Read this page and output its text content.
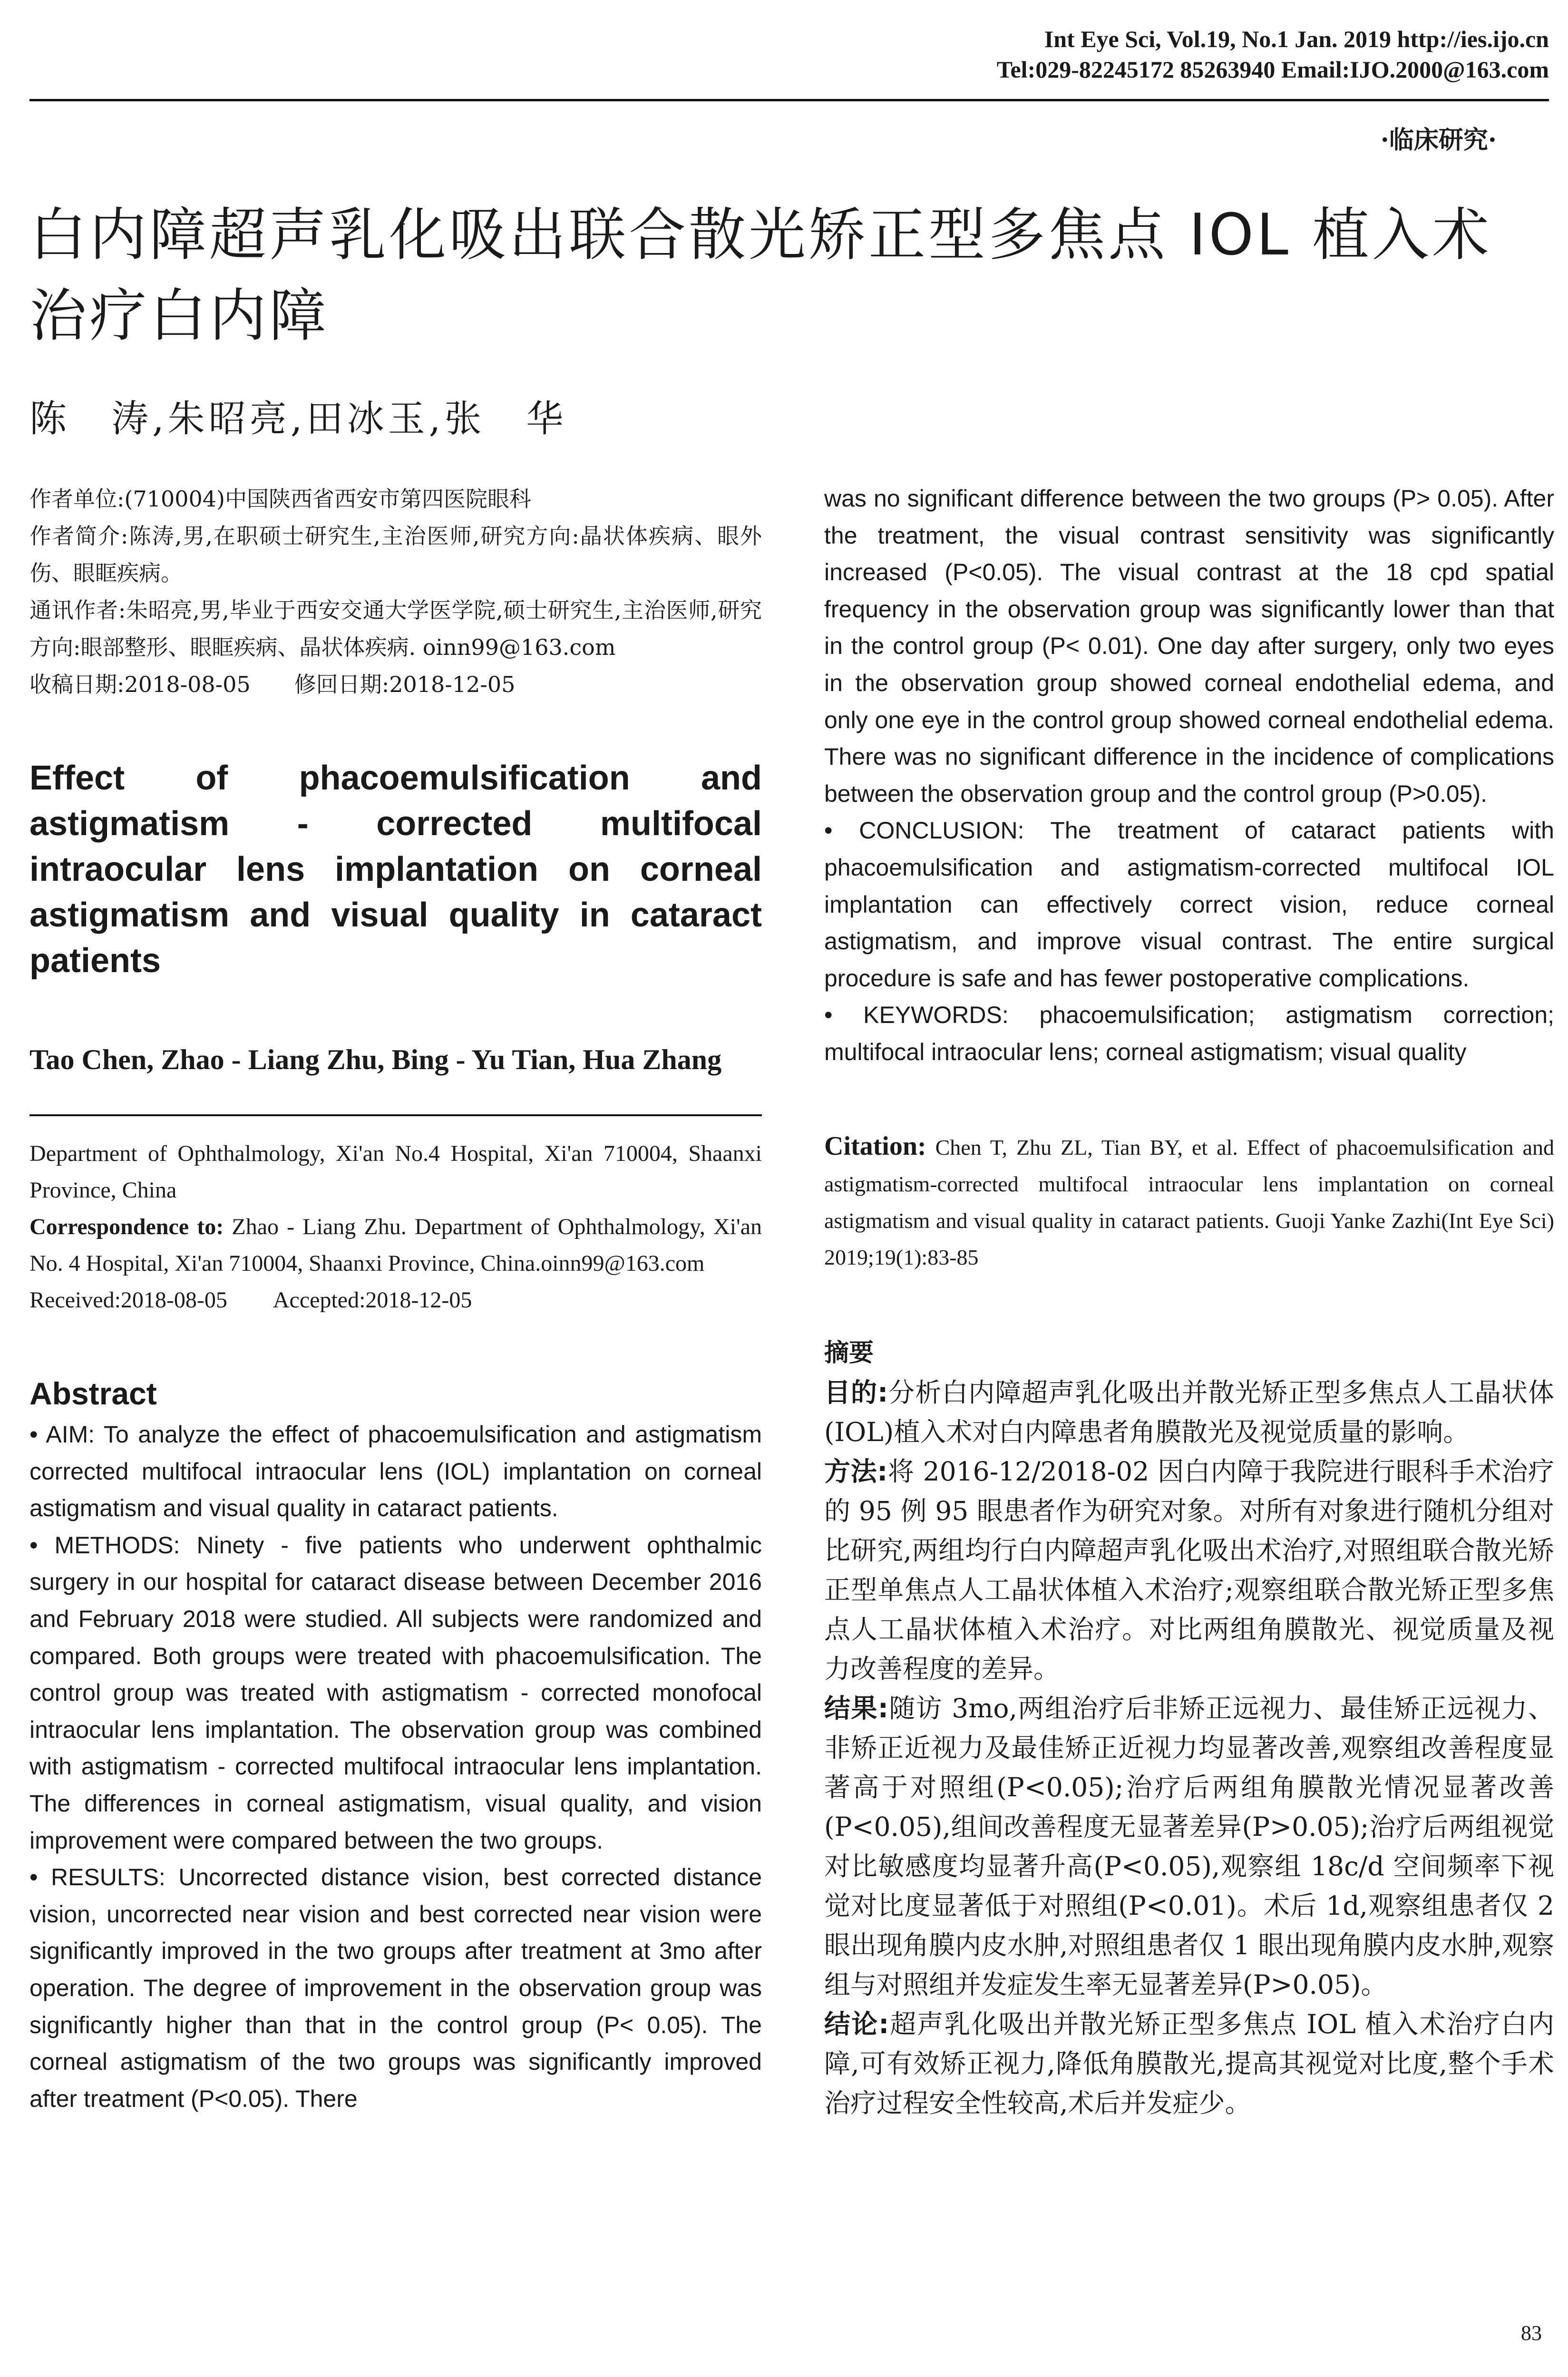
Int Eye Sci, Vol.19, No.1 Jan. 2019 http://ies.ijo.cn
Tel:029-82245172 85263940 Email:IJO.2000@163.com
·临床研究·
白内障超声乳化吸出联合散光矫正型多焦点 IOL 植入术治疗白内障
陈　涛,朱昭亮,田冰玉,张　华

作者单位:(710004)中国陕西省西安市第四医院眼科

作者简介:陈涛,男,在职硕士研究生,主治医师,研究方向:晶状体疾病、眼外伤、眼眶疾病。

通讯作者:朱昭亮,男,毕业于西安交通大学医学院,硕士研究生,主治医师,研究方向:眼部整形、眼眶疾病、晶状体疾病. oinn99@163.com

收稿日期:2018-08-05　　修回日期:2018-12-05

Effect of phacoemulsification and astigmatism - corrected multifocal intraocular lens implantation on corneal astigmatism and visual quality in cataract patients
Tao Chen, Zhao - Liang Zhu, Bing - Yu Tian, Hua Zhang

Department of Ophthalmology, Xi'an No.4 Hospital, Xi'an 710004, Shaanxi Province, China

Correspondence to: Zhao - Liang Zhu. Department of Ophthalmology, Xi'an No. 4 Hospital, Xi'an 710004, Shaanxi Province, China.oinn99@163.com

Received:2018-08-05　　Accepted:2018-12-05

Abstract

• AIM: To analyze the effect of phacoemulsification and astigmatism corrected multifocal intraocular lens (IOL) implantation on corneal astigmatism and visual quality in cataract patients.

• METHODS: Ninety - five patients who underwent ophthalmic surgery in our hospital for cataract disease between December 2016 and February 2018 were studied. All subjects were randomized and compared. Both groups were treated with phacoemulsification. The control group was treated with astigmatism - corrected monofocal intraocular lens implantation. The observation group was combined with astigmatism - corrected multifocal intraocular lens implantation. The differences in corneal astigmatism, visual quality, and vision improvement were compared between the two groups.

• RESULTS: Uncorrected distance vision, best corrected distance vision, uncorrected near vision and best corrected near vision were significantly improved in the two groups after treatment at 3mo after operation. The degree of improvement in the observation group was significantly higher than that in the control group (P< 0.05). The corneal astigmatism of the two groups was significantly improved after treatment (P<0.05). There

was no significant difference between the two groups (P> 0.05). After the treatment, the visual contrast sensitivity was significantly increased (P<0.05). The visual contrast at the 18 cpd spatial frequency in the observation group was significantly lower than that in the control group (P< 0.01). One day after surgery, only two eyes in the observation group showed corneal endothelial edema, and only one eye in the control group showed corneal endothelial edema. There was no significant difference in the incidence of complications between the observation group and the control group (P>0.05).

• CONCLUSION: The treatment of cataract patients with phacoemulsification and astigmatism-corrected multifocal IOL implantation can effectively correct vision, reduce corneal astigmatism, and improve visual contrast. The entire surgical procedure is safe and has fewer postoperative complications.

• KEYWORDS: phacoemulsification; astigmatism correction; multifocal intraocular lens; corneal astigmatism; visual quality

Citation: Chen T, Zhu ZL, Tian BY, et al. Effect of phacoemulsification and astigmatism-corrected multifocal intraocular lens implantation on corneal astigmatism and visual quality in cataract patients. Guoji Yanke Zazhi(Int Eye Sci) 2019;19(1):83-85

摘要

目的:分析白内障超声乳化吸出并散光矫正型多焦点人工晶状体(IOL)植入术对白内障患者角膜散光及视觉质量的影响。

方法:将 2016-12/2018-02 因白内障于我院进行眼科手术治疗的 95 例 95 眼患者作为研究对象。对所有对象进行随机分组对比研究,两组均行白内障超声乳化吸出术治疗,对照组联合散光矫正型单焦点人工晶状体植入术治疗;观察组联合散光矫正型多焦点人工晶状体植入术治疗。对比两组角膜散光、视觉质量及视力改善程度的差异。

结果:随访 3mo,两组治疗后非矫正远视力、最佳矫正远视力、非矫正近视力及最佳矫正近视力均显著改善,观察组改善程度显著高于对照组(P<0.05);治疗后两组角膜散光情况显著改善(P<0.05),组间改善程度无显著差异(P>0.05);治疗后两组视觉对比敏感度均显著升高(P<0.05),观察组 18c/d 空间频率下视觉对比度显著低于对照组(P<0.01)。术后 1d,观察组患者仅 2 眼出现角膜内皮水肿,对照组患者仅 1 眼出现角膜内皮水肿,观察组与对照组并发症发生率无显著差异(P>0.05)。

结论:超声乳化吸出并散光矫正型多焦点 IOL 植入术治疗白内障,可有效矫正视力,降低角膜散光,提高其视觉对比度,整个手术治疗过程安全性较高,术后并发症少。

83
